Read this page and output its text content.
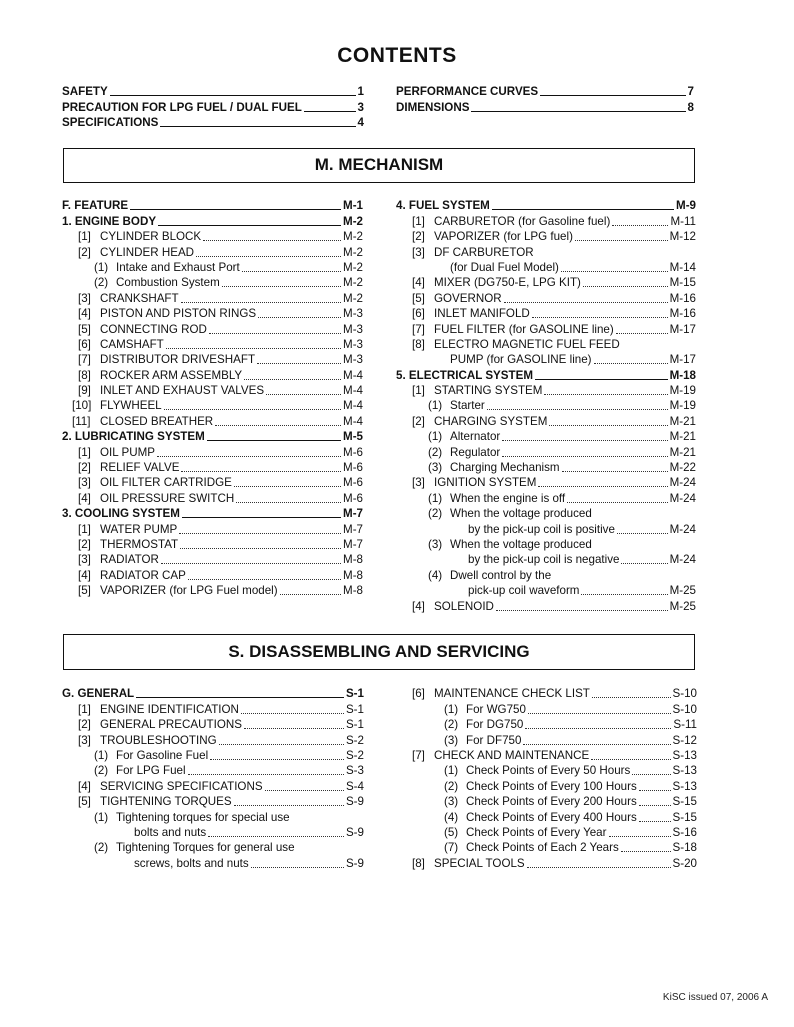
CONTENTS
SAFETY	1
PRECAUTION FOR LPG FUEL / DUAL FUEL	3
SPECIFICATIONS	4
PERFORMANCE CURVES	7
DIMENSIONS	8
M. MECHANISM
F. FEATURE	M-1
1. ENGINE BODY	M-2
[1] CYLINDER BLOCK	M-2
[2] CYLINDER HEAD	M-2
(1) Intake and Exhaust Port	M-2
(2) Combustion System	M-2
[3] CRANKSHAFT	M-2
[4] PISTON AND PISTON RINGS	M-3
[5] CONNECTING ROD	M-3
[6] CAMSHAFT	M-3
[7] DISTRIBUTOR DRIVESHAFT	M-3
[8] ROCKER ARM ASSEMBLY	M-4
[9] INLET AND EXHAUST VALVES	M-4
[10] FLYWHEEL	M-4
[11] CLOSED BREATHER	M-4
2. LUBRICATING SYSTEM	M-5
[1] OIL PUMP	M-6
[2] RELIEF VALVE	M-6
[3] OIL FILTER CARTRIDGE	M-6
[4] OIL PRESSURE SWITCH	M-6
3. COOLING SYSTEM	M-7
[1] WATER PUMP	M-7
[2] THERMOSTAT	M-7
[3] RADIATOR	M-8
[4] RADIATOR CAP	M-8
[5] VAPORIZER (for LPG Fuel model)	M-8
4. FUEL SYSTEM	M-9
[1] CARBURETOR (for Gasoline fuel)	M-11
[2] VAPORIZER (for LPG fuel)	M-12
[3] DF CARBURETOR
(for Dual Fuel Model)	M-14
[4] MIXER (DG750-E, LPG KIT)	M-15
[5] GOVERNOR	M-16
[6] INLET MANIFOLD	M-16
[7] FUEL FILTER (for GASOLINE line)	M-17
[8] ELECTRO MAGNETIC FUEL FEED
PUMP (for GASOLINE line)	M-17
5. ELECTRICAL SYSTEM	M-18
[1] STARTING SYSTEM	M-19
(1) Starter	M-19
[2] CHARGING SYSTEM	M-21
(1) Alternator	M-21
(2) Regulator	M-21
(3) Charging Mechanism	M-22
[3] IGNITION SYSTEM	M-24
(1) When the engine is off	M-24
(2) When the voltage produced
by the pick-up coil is positive	M-24
(3) When the voltage produced
by the pick-up coil is negative	M-24
(4) Dwell control by the
pick-up coil waveform	M-25
[4] SOLENOID	M-25
S. DISASSEMBLING AND SERVICING
G. GENERAL	S-1
[1] ENGINE IDENTIFICATION	S-1
[2] GENERAL PRECAUTIONS	S-1
[3] TROUBLESHOOTING	S-2
(1) For Gasoline Fuel	S-2
(2) For LPG Fuel	S-3
[4] SERVICING SPECIFICATIONS	S-4
[5] TIGHTENING TORQUES	S-9
(1) Tightening torques for special use
bolts and nuts	S-9
(2) Tightening Torques for general use
screws, bolts and nuts	S-9
[6] MAINTENANCE CHECK LIST	S-10
(1) For WG750	S-10
(2) For DG750	S-11
(3) For DF750	S-12
[7] CHECK AND MAINTENANCE	S-13
(1) Check Points of Every 50 Hours	S-13
(2) Check Points of Every 100 Hours	S-13
(3) Check Points of Every 200 Hours	S-15
(4) Check Points of Every 400 Hours	S-15
(5) Check Points of Every Year	S-16
(7) Check Points of Each 2 Years	S-18
[8] SPECIAL TOOLS	S-20
KiSC issued 07, 2006 A
